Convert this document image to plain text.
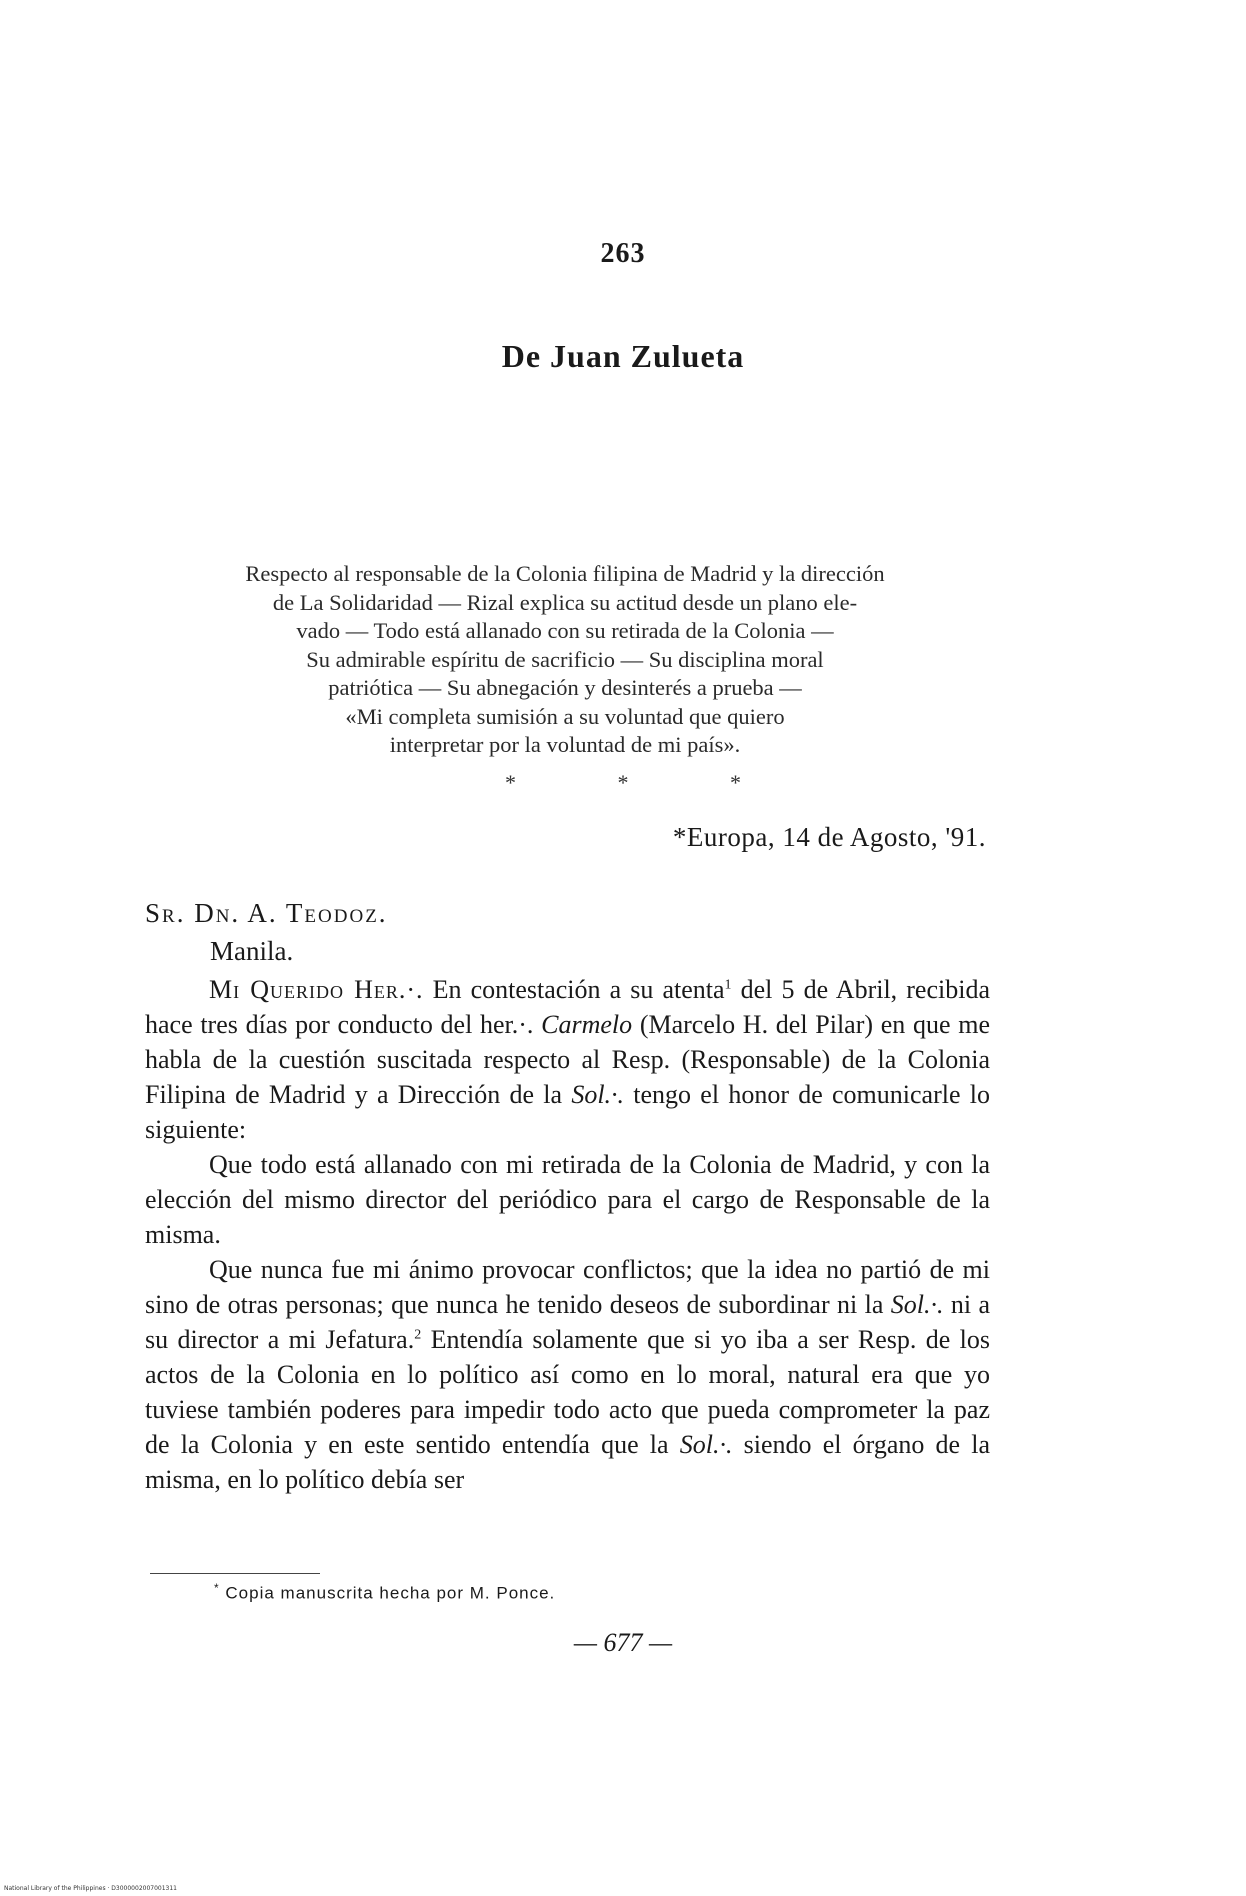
263
De Juan Zulueta
Respecto al responsable de la Colonia filipina de Madrid y la dirección
de La Solidaridad — Rizal explica su actitud desde un plano ele-
vado — Todo está allanado con su retirada de la Colonia —
Su admirable espíritu de sacrificio — Su disciplina moral
patriótica — Su abnegación y desinterés a prueba —
«Mi completa sumisión a su voluntad que quiero
interpretar por la voluntad de mi país».
* * *
*Europa, 14 de Agosto, '91.
Sr. Dn. A. Teodoz.
Manila.

Mi Querido Her.·. En contestación a su atenta$^1$ del 5 de Abril, recibida hace tres días por conducto del her.·. Carmelo (Marcelo H. del Pilar) en que me habla de la cuestión suscitada respecto al Resp. (Responsable) de la Colonia Filipina de Madrid y a Dirección de la Sol.·. tengo el honor de comunicarle lo siguiente:

Que todo está allanado con mi retirada de la Colonia de Madrid, y con la elección del mismo director del periódico para el cargo de Responsable de la misma.

Que nunca fue mi ánimo provocar conflictos; que la idea no partió de mi sino de otras personas; que nunca he tenido deseos de subordinar ni la Sol.·. ni a su director a mi Jefatura.$^2$ Entendía solamente que si yo iba a ser Resp. de los actos de la Colonia en lo político así como en lo moral, natural era que yo tuviese también poderes para impedir todo acto que pueda comprometer la paz de la Colonia y en este sentido entendía que la Sol.·. siendo el órgano de la misma, en lo político debía ser

* Copia manuscrita hecha por M. Ponce.
— 677 —
National Library of the Philippines · D3000002007001311
